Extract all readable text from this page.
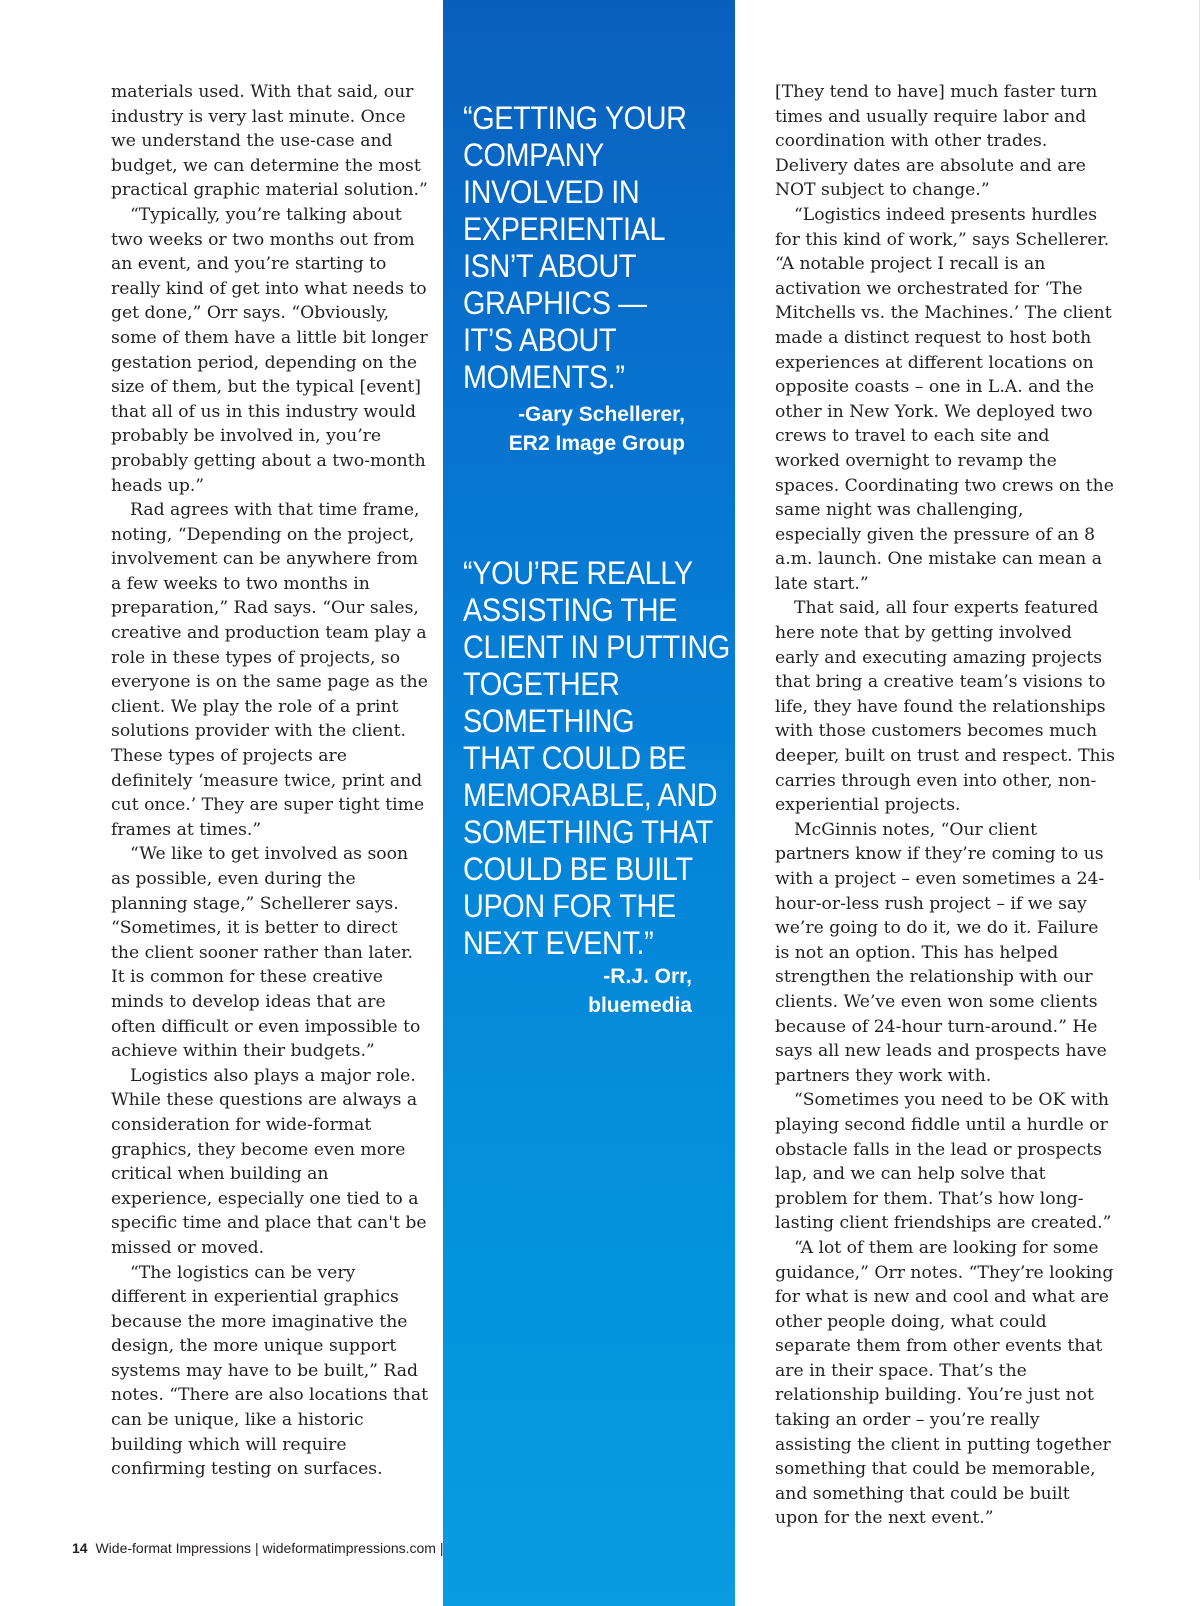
materials used. With that said, our industry is very last minute. Once we understand the use-case and budget, we can determine the most practical graphic material solution.”

“Typically, you’re talking about two weeks or two months out from an event, and you’re starting to really kind of get into what needs to get done,” Orr says. “Obviously, some of them have a little bit longer gestation period, depending on the size of them, but the typical [event] that all of us in this industry would probably be involved in, you’re probably getting about a two-month heads up.”

Rad agrees with that time frame, noting, “Depending on the project, involvement can be anywhere from a few weeks to two months in preparation,” Rad says. “Our sales, creative and production team play a role in these types of projects, so everyone is on the same page as the client. We play the role of a print solutions provider with the client. These types of projects are definitely ‘measure twice, print and cut once.’ They are super tight time frames at times.”

“We like to get involved as soon as possible, even during the planning stage,” Schellerer says. “Sometimes, it is better to direct the client sooner rather than later. It is common for these creative minds to develop ideas that are often difficult or even impossible to achieve within their budgets.”

Logistics also plays a major role. While these questions are always a consideration for wide-format graphics, they become even more critical when building an experience, especially one tied to a specific time and place that can't be missed or moved.

“The logistics can be very different in experiential graphics because the more imaginative the design, the more unique support systems may have to be built,” Rad notes. “There are also locations that can be unique, like a historic building which will require confirming testing on surfaces.

“GETTING YOUR
COMPANY
INVOLVED IN
EXPERIENTIAL
ISN’T ABOUT
GRAPHICS —
IT’S ABOUT
MOMENTS.”
-Gary Schellerer,
ER2 Image Group
“YOU’RE REALLY
ASSISTING THE
CLIENT IN PUTTING
TOGETHER
SOMETHING
THAT COULD BE
MEMORABLE, AND
SOMETHING THAT
COULD BE BUILT
UPON FOR THE
NEXT EVENT.”
-R.J. Orr,
bluemedia

[They tend to have] much faster turn times and usually require labor and coordination with other trades. Delivery dates are absolute and are NOT subject to change.”

“Logistics indeed presents hurdles for this kind of work,” says Schellerer. “A notable project I recall is an activation we orchestrated for ‘The Mitchells vs. the Machines.’ The client made a distinct request to host both experiences at different locations on opposite coasts – one in L.A. and the other in New York. We deployed two crews to travel to each site and worked overnight to revamp the spaces. Coordinating two crews on the same night was challenging, especially given the pressure of an 8 a.m. launch. One mistake can mean a late start.”

That said, all four experts featured here note that by getting involved early and executing amazing projects that bring a creative team’s visions to life, they have found the relationships with those customers becomes much deeper, built on trust and respect. This carries through even into other, non-experiential projects.

McGinnis notes, “Our client partners know if they’re coming to us with a project – even sometimes a 24-hour-or-less rush project – if we say we’re going to do it, we do it. Failure is not an option. This has helped strengthen the relationship with our clients. We’ve even won some clients because of 24-hour turn-around.” He says all new leads and prospects have partners they work with.

“Sometimes you need to be OK with playing second fiddle until a hurdle or obstacle falls in the lead or prospects lap, and we can help solve that problem for them. That’s how long-lasting client friendships are created.”

“A lot of them are looking for some guidance,” Orr notes. “They’re looking for what is new and cool and what are other people doing, what could separate them from other events that are in their space. That’s the relationship building. You’re just not taking an order – you’re really assisting the client in putting together something that could be memorable, and something that could be built upon for the next event.”

14 Wide-format Impressions | wideformatimpressions.com |
